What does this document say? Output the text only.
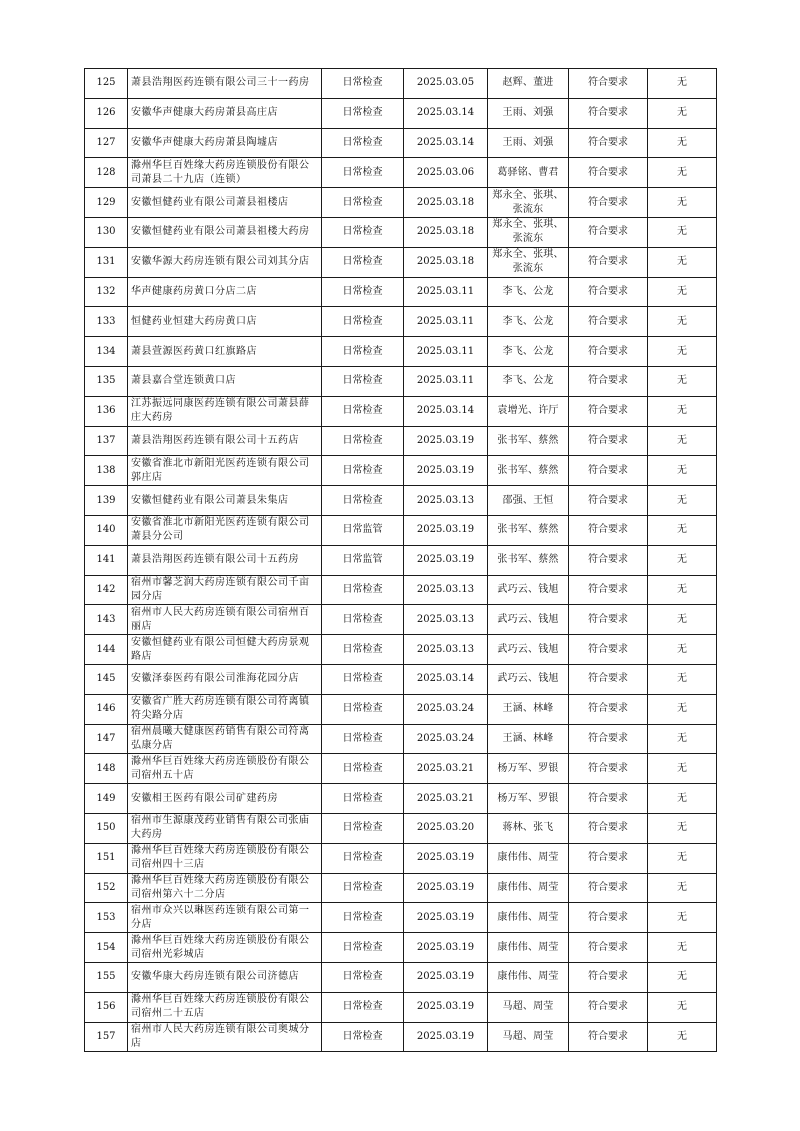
125	萧县浩翔医药连锁有限公司三十一药房	日常检查	2025.03.05	赵辉、董进	符合要求	无
126	安徽华声健康大药房萧县高庄店	日常检查	2025.03.14	王雨、刘强	符合要求	无
127	安徽华声健康大药房萧县陶墟店	日常检查	2025.03.14	王雨、刘强	符合要求	无
128	滁州华巨百姓缘大药房连锁股份有限公司萧县二十九店（连锁）	日常检查	2025.03.06	葛驿铭、曹君	符合要求	无
129	安徽恒健药业有限公司萧县祖楼店	日常检查	2025.03.18	郑永全、张琪、张流东	符合要求	无
130	安徽恒健药业有限公司萧县祖楼大药房	日常检查	2025.03.18	郑永全、张琪、张流东	符合要求	无
131	安徽华源大药房连锁有限公司刘其分店	日常检查	2025.03.18	郑永全、张琪、张流东	符合要求	无
132	华声健康药房黄口分店二店	日常检查	2025.03.11	李飞、公龙	符合要求	无
133	恒健药业恒建大药房黄口店	日常检查	2025.03.11	李飞、公龙	符合要求	无
134	萧县萱源医药黄口红旗路店	日常检查	2025.03.11	李飞、公龙	符合要求	无
135	萧县嘉合堂连锁黄口店	日常检查	2025.03.11	李飞、公龙	符合要求	无
136	江苏振远同康医药连锁有限公司萧县薛庄大药房	日常检查	2025.03.14	袁增光、许厅	符合要求	无
137	萧县浩翔医药连锁有限公司十五药店	日常检查	2025.03.19	张书军、蔡然	符合要求	无
138	安徽省淮北市新阳光医药连锁有限公司郭庄店	日常检查	2025.03.19	张书军、蔡然	符合要求	无
139	安徽恒健药业有限公司萧县朱集店	日常检查	2025.03.13	邵强、王恒	符合要求	无
140	安徽省淮北市新阳光医药连锁有限公司萧县分公司	日常监管	2025.03.19	张书军、蔡然	符合要求	无
141	萧县浩翔医药连锁有限公司十五药房	日常监管	2025.03.19	张书军、蔡然	符合要求	无
142	宿州市馨芝润大药房连锁有限公司千亩园分店	日常检查	2025.03.13	武巧云、钱旭	符合要求	无
143	宿州市人民大药房连锁有限公司宿州百丽店	日常检查	2025.03.13	武巧云、钱旭	符合要求	无
144	安徽恒健药业有限公司恒健大药房景观路店	日常检查	2025.03.13	武巧云、钱旭	符合要求	无
145	安徽泽泰医药有限公司淮海花园分店	日常检查	2025.03.14	武巧云、钱旭	符合要求	无
146	安徽省广胜大药房连锁有限公司符离镇符尖路分店	日常检查	2025.03.24	王涵、林峰	符合要求	无
147	宿州晨曦大健康医药销售有限公司符离弘康分店	日常检查	2025.03.24	王涵、林峰	符合要求	无
148	滁州华巨百姓缘大药房连锁股份有限公司宿州五十店	日常检查	2025.03.21	杨万军、罗银	符合要求	无
149	安徽相王医药有限公司矿建药房	日常检查	2025.03.21	杨万军、罗银	符合要求	无
150	宿州市生源康茂药业销售有限公司张庙大药房	日常检查	2025.03.20	蒋林、张飞	符合要求	无
151	滁州华巨百姓缘大药房连锁股份有限公司宿州四十三店	日常检查	2025.03.19	康伟伟、周莹	符合要求	无
152	滁州华巨百姓缘大药房连锁股份有限公司宿州第六十二分店	日常检查	2025.03.19	康伟伟、周莹	符合要求	无
153	宿州市众兴以琳医药连锁有限公司第一分店	日常检查	2025.03.19	康伟伟、周莹	符合要求	无
154	滁州华巨百姓缘大药房连锁股份有限公司宿州光彩城店	日常检查	2025.03.19	康伟伟、周莹	符合要求	无
155	安徽华康大药房连锁有限公司济德店	日常检查	2025.03.19	康伟伟、周莹	符合要求	无
156	滁州华巨百姓缘大药房连锁股份有限公司宿州二十五店	日常检查	2025.03.19	马超、周莹	符合要求	无
157	宿州市人民大药房连锁有限公司奥城分店	日常检查	2025.03.19	马超、周莹	符合要求	无
